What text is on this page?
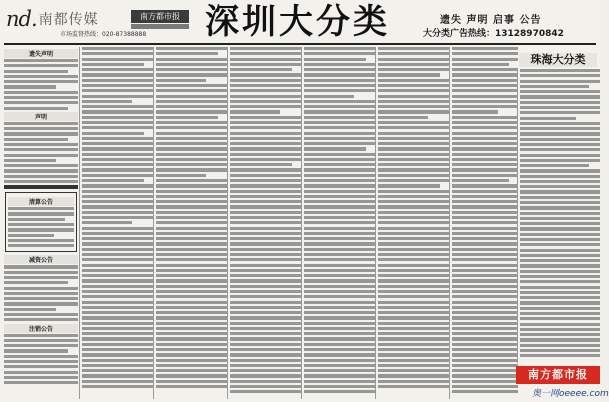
nd. 南都传媒	南方都市报
市场监督热线：020-87388888 深圳大分类	遗失 声明 启事 公告
大分类广告热线：13128970842
遗失声明

声明

清算公告

减资公告

注销公告

珠海大分类

南方都市报
奥一网oeeee.com
